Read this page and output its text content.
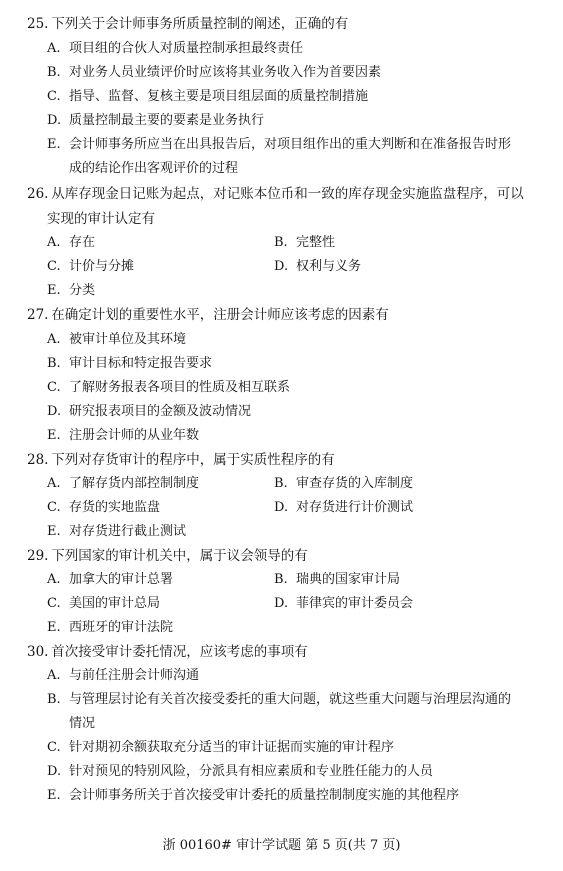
25. 下列关于会计师事务所质量控制的阐述，正确的有
A. 项目组的合伙人对质量控制承担最终责任
B. 对业务人员业绩评价时应该将其业务收入作为首要因素
C. 指导、监督、复核主要是项目组层面的质量控制措施
D. 质量控制最主要的要素是业务执行
E. 会计师事务所应当在出具报告后，对项目组作出的重大判断和在准备报告时形
成的结论作出客观评价的过程
26. 从库存现金日记账为起点，对记账本位币和一致的库存现金实施监盘程序，可以
实现的审计认定有
A. 存在	B. 完整性
C. 计价与分摊	D. 权利与义务
E. 分类
27. 在确定计划的重要性水平，注册会计师应该考虑的因素有
A. 被审计单位及其环境
B. 审计目标和特定报告要求
C. 了解财务报表各项目的性质及相互联系
D. 研究报表项目的金额及波动情况
E. 注册会计师的从业年数
28. 下列对存货审计的程序中，属于实质性程序的有
A. 了解存货内部控制制度	B. 审查存货的入库制度
C. 存货的实地监盘	D. 对存货进行计价测试
E. 对存货进行截止测试
29. 下列国家的审计机关中，属于议会领导的有
A. 加拿大的审计总署	B. 瑞典的国家审计局
C. 美国的审计总局	D. 菲律宾的审计委员会
E. 西班牙的审计法院
30. 首次接受审计委托情况，应该考虑的事项有
A. 与前任注册会计师沟通
B. 与管理层讨论有关首次接受委托的重大问题，就这些重大问题与治理层沟通的
情况
C. 针对期初余额获取充分适当的审计证据而实施的审计程序
D. 针对预见的特别风险，分派具有相应素质和专业胜任能力的人员
E. 会计师事务所关于首次接受审计委托的质量控制制度实施的其他程序
浙 00160# 审计学试题 第 5 页(共 7 页)
